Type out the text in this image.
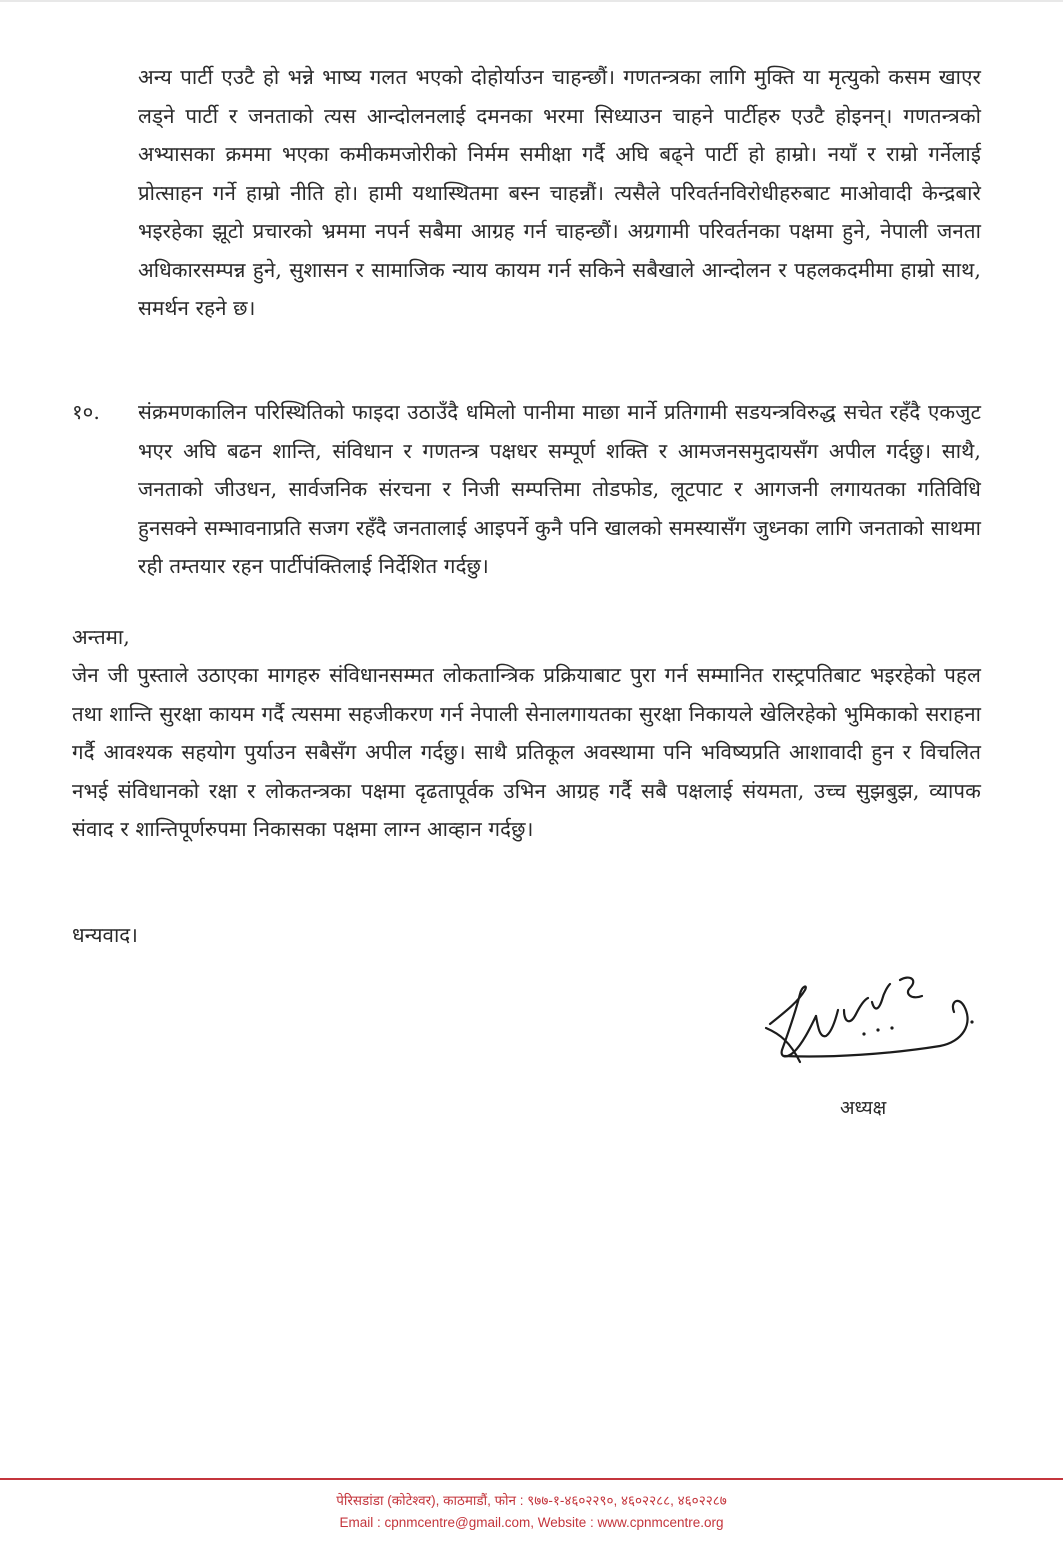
अन्य पार्टी एउटै हो भन्ने भाष्य गलत भएको दोहोर्याउन चाहन्छौं। गणतन्त्रका लागि मुक्ति या मृत्युको कसम खाएर लड्ने पार्टी र जनताको त्यस आन्दोलनलाई दमनका भरमा सिध्याउन चाहने पार्टीहरु एउटै होइनन्। गणतन्त्रको अभ्यासका क्रममा भएका कमीकमजोरीको निर्मम समीक्षा गर्दै अघि बढ्ने पार्टी हो हाम्रो। नयाँ र राम्रो गर्नेलाई प्रोत्साहन गर्ने हाम्रो नीति हो। हामी यथास्थितमा बस्न चाहन्नौं। त्यसैले परिवर्तनविरोधीहरुबाट माओवादी केन्द्रबारे भइरहेका झूटो प्रचारको भ्रममा नपर्न सबैमा आग्रह गर्न चाहन्छौं। अग्रगामी परिवर्तनका पक्षमा हुने, नेपाली जनता अधिकारसम्पन्न हुने, सुशासन र सामाजिक न्याय कायम गर्न सकिने सबैखाले आन्दोलन र पहलकदमीमा हाम्रो साथ, समर्थन रहने छ।

१०. संक्रमणकालिन परिस्थितिको फाइदा उठाउँदै धमिलो पानीमा माछा मार्ने प्रतिगामी सडयन्त्रविरुद्ध सचेत रहँदै एकजुट भएर अघि बढन शान्ति, संविधान र गणतन्त्र पक्षधर सम्पूर्ण शक्ति र आमजनसमुदायसँग अपील गर्दछु। साथै, जनताको जीउधन, सार्वजनिक संरचना र निजी सम्पत्तिमा तोडफोड, लूटपाट र आगजनी लगायतका गतिविधि हुनसक्ने सम्भावनाप्रति सजग रहँदै जनतालाई आइपर्ने कुनै पनि खालको समस्यासँग जुध्नका लागि जनताको साथमा रही तम्तयार रहन पार्टीपंक्तिलाई निर्देशित गर्दछु।

अन्तमा,

जेन जी पुस्ताले उठाएका मागहरु संविधानसम्मत लोकतान्त्रिक प्रक्रियाबाट पुरा गर्न सम्मानित रास्ट्रपतिबाट भइरहेको पहल तथा शान्ति सुरक्षा कायम गर्दै त्यसमा सहजीकरण गर्न नेपाली सेनालगायतका सुरक्षा निकायले खेलिरहेको भुमिकाको सराहना गर्दै आवश्यक सहयोग पुर्याउन सबैसँग अपील गर्दछु। साथै प्रतिकूल अवस्थामा पनि भविष्यप्रति आशावादी हुन र विचलित नभई संविधानको रक्षा र लोकतन्त्रका पक्षमा दृढतापूर्वक उभिन आग्रह गर्दै सबै पक्षलाई संयमता, उच्च सुझबुझ, व्यापक संवाद र शान्तिपूर्णरुपमा निकासका पक्षमा लाग्न आव्हान गर्दछु।

धन्यवाद।

अध्यक्ष

पेरिसडांडा (कोटेश्वर), काठमाडौं, फोन : ९७७-१-४६०२२९०, ४६०२२८८, ४६०२२८७

Email : cpnmcentre@gmail.com, Website : www.cpnmcentre.org
